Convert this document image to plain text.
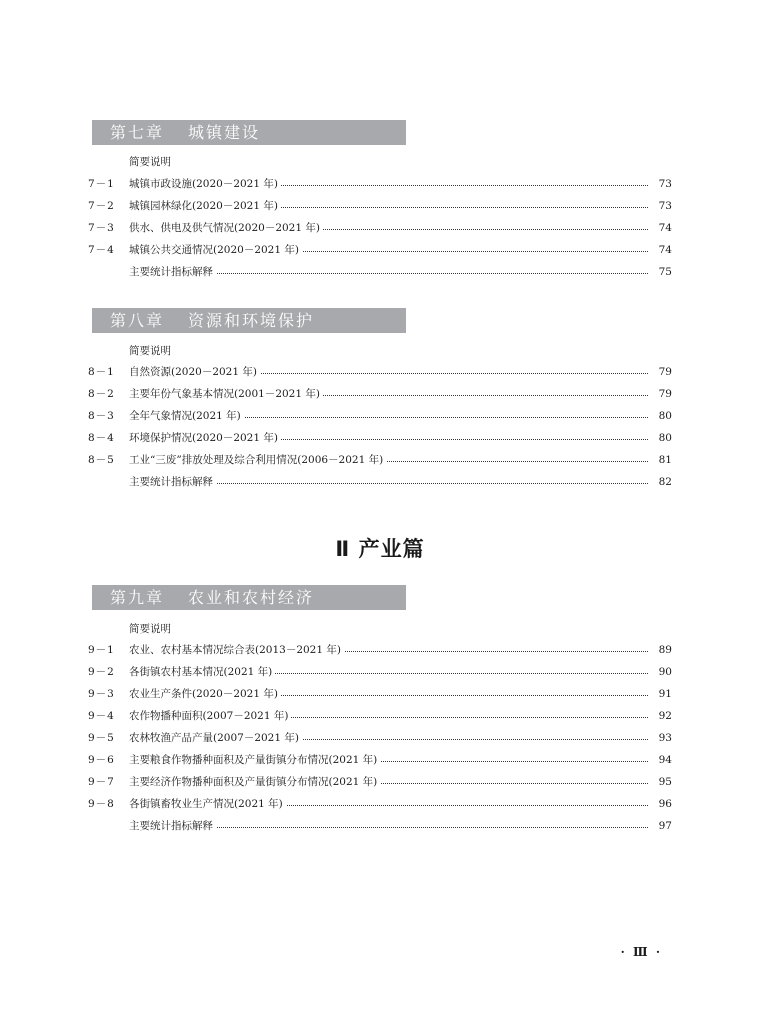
第七章 城镇建设
简要说明
7－1	城镇市政设施(2020－2021 年)	73
7－2	城镇园林绿化(2020－2021 年)	73
7－3	供水、供电及供气情况(2020－2021 年)	74
7－4	城镇公共交通情况(2020－2021 年)	74
主要统计指标解释	75
第八章 资源和环境保护
简要说明
8－1	自然资源(2020－2021 年)	79
8－2	主要年份气象基本情况(2001－2021 年)	79
8－3	全年气象情况(2021 年)	80
8－4	环境保护情况(2020－2021 年)	80
8－5	工业“三废”排放处理及综合利用情况(2006－2021 年)	81
主要统计指标解释	82
Ⅱ 产业篇
第九章 农业和农村经济
简要说明
9－1	农业、农村基本情况综合表(2013－2021 年)	89
9－2	各街镇农村基本情况(2021 年)	90
9－3	农业生产条件(2020－2021 年)	91
9－4	农作物播种面积(2007－2021 年)	92
9－5	农林牧渔产品产量(2007－2021 年)	93
9－6	主要粮食作物播种面积及产量街镇分布情况(2021 年)	94
9－7	主要经济作物播种面积及产量街镇分布情况(2021 年)	95
9－8	各街镇畜牧业生产情况(2021 年)	96
主要统计指标解释	97
· Ⅲ ·
